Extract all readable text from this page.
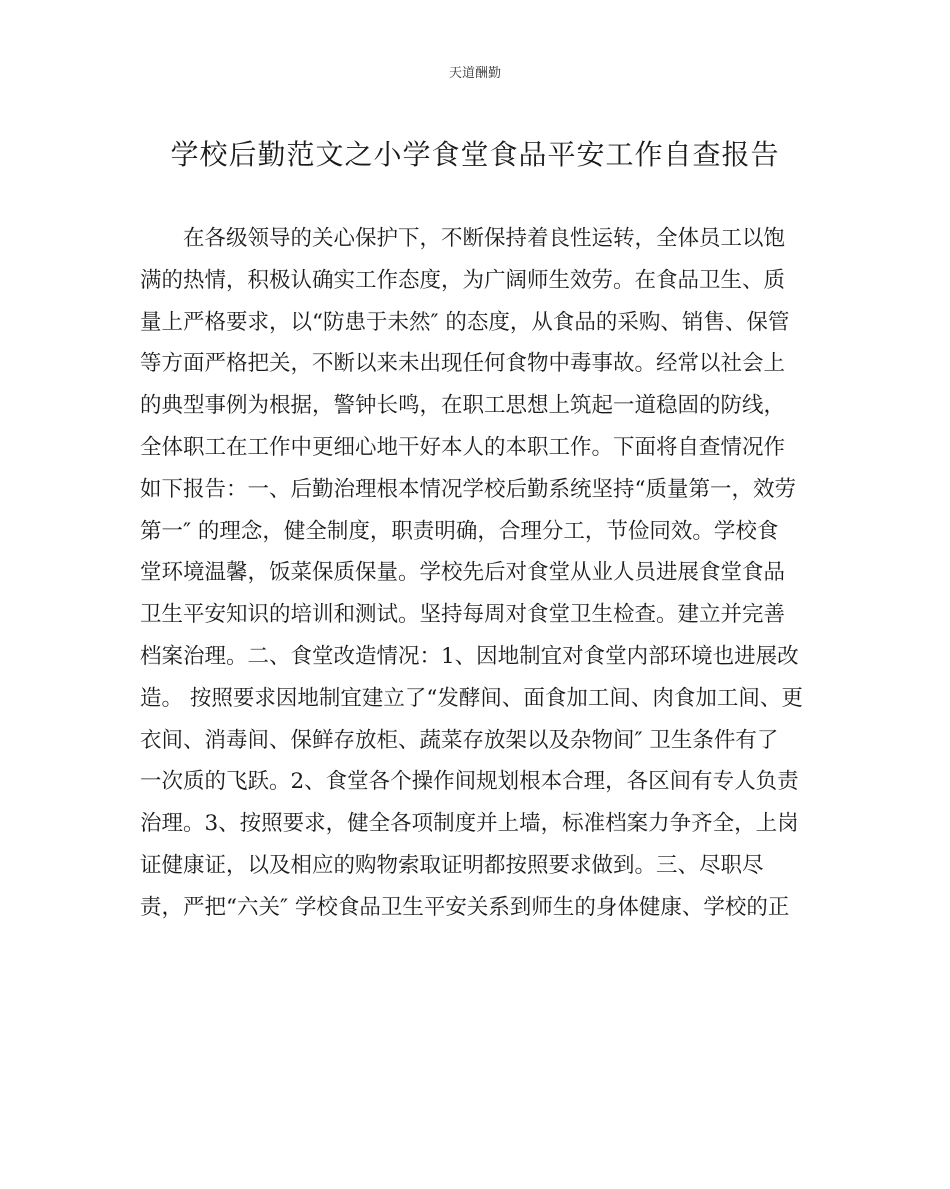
天道酬勤
学校后勤范文之小学食堂食品平安工作自查报告
在各级领导的关心保护下，不断保持着良性运转，全体员工以饱
满的热情，积极认确实工作态度，为广阔师生效劳。在食品卫生、质
量上严格要求，以“防患于未然″ 的态度，从食品的采购、销售、保管
等方面严格把关，不断以来未出现任何食物中毒事故。经常以社会上
的典型事例为根据，警钟长鸣，在职工思想上筑起一道稳固的防线，
全体职工在工作中更细心地干好本人的本职工作。下面将自查情况作
如下报告：一、后勤治理根本情况学校后勤系统坚持“质量第一，效劳
第一″ 的理念，健全制度，职责明确，合理分工，节俭同效。学校食
堂环境温馨，饭菜保质保量。学校先后对食堂从业人员进展食堂食品
卫生平安知识的培训和测试。坚持每周对食堂卫生检查。建立并完善
档案治理。二、食堂改造情况：1、因地制宜对食堂内部环境也进展改
造。 按照要求因地制宜建立了“发酵间、面食加工间、肉食加工间、更
衣间、消毒间、保鲜存放柜、蔬菜存放架以及杂物间″ 卫生条件有了
一次质的飞跃。2、食堂各个操作间规划根本合理，各区间有专人负责
治理。3、按照要求，健全各项制度并上墙，标准档案力争齐全，上岗
证健康证，以及相应的购物索取证明都按照要求做到。三、尽职尽
责，严把“六关″ 学校食品卫生平安关系到师生的身体健康、学校的正
